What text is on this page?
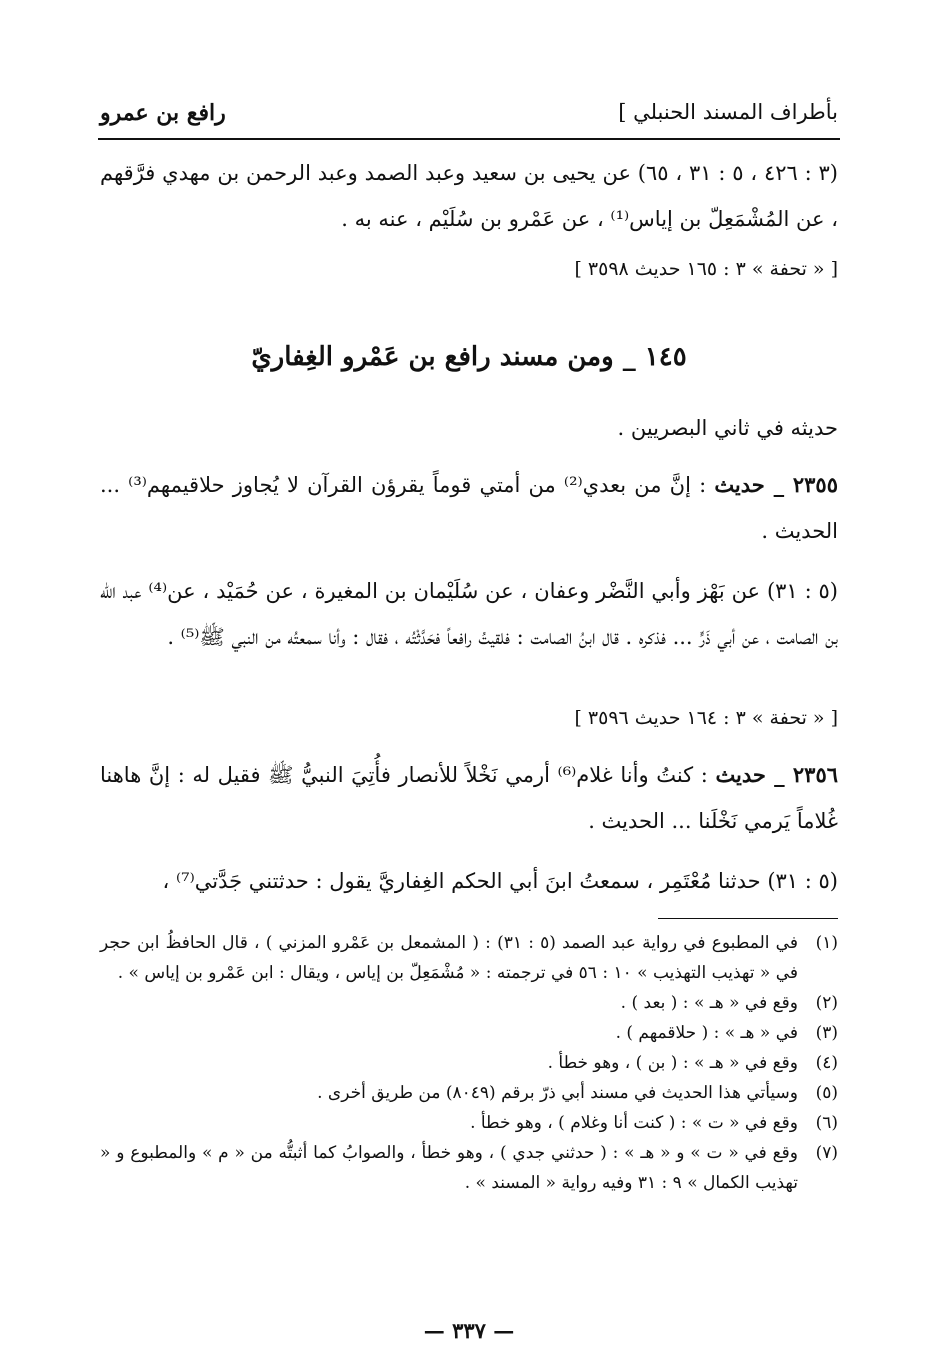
بأطراف المسند الحنبلي ]
رافع بن عمرو
(٣ : ٤٢٦ ، ٥ : ٣١ ، ٦٥) عن يحيى بن سعيد وعبد الصمد وعبد الرحمن بن مهدي فرَّقهم ، عن المُشْمَعِلّ بن إياس⁽¹⁾ ، عن عَمْرو بن سُلَيْم ، عنه به .
[ « تحفة » ٣ : ١٦٥ حديث ٣٥٩٨ ]
١٤٥ _ ومن مسند رافع بن عَمْرو الغِفاريّ
حديثه في ثاني البصريين .
٢٣٥٥ _ حديث : إنَّ من بعدي⁽²⁾ من أمتي قوماً يقرؤن القرآن لا يُجاوز حلاقيمهم⁽³⁾ ... الحديث .
(٥ : ٣١) عن بَهْز وأبي النَّضْر وعفان ، عن سُلَيْمان بن المغيرة ، عن حُمَيْد ، عن⁽⁴⁾ عبد الله بن الصامت ، عن أبي ذَرٍّ ... فذكره . قال ابنُ الصامت : فلقيتُ رافعاً فحَدَّثْتُه ، فقال : وأنا سمعتُه من النبي ﷺ⁽⁵⁾ .
[ « تحفة » ٣ : ١٦٤ حديث ٣٥٩٦ ]
٢٣٥٦ _ حديث : كنتُ وأنا غلام⁽⁶⁾ أرمي نَخْلاً للأنصار فأُتِيَ النبيُّ ﷺ فقيل له : إنَّ هاهنا غُلاماً يَرمي نَخْلَنا ... الحديث .
(٥ : ٣١) حدثنا مُعْتَمِر ، سمعتُ ابنَ أبي الحكم الغِفاريَّ يقول : حدثتني جَدَّتي⁽⁷⁾ ،
(١)
في المطبوع في رواية عبد الصمد (٥ : ٣١) : ( المشمعل بن عَمْرو المزني ) ، قال الحافظُ ابن حجر في « تهذيب التهذيب » ١٠ : ٥٦ في ترجمته : « مُشْمَعِلّ بن إياس ، ويقال : ابن عَمْرو بن إياس » .
(٢)
وقع في « هـ » : ( بعد ) .
(٣)
في « هـ » : ( حلاقمهم ) .
(٤)
وقع في « هـ » : ( بن ) ، وهو خطأ .
(٥)
وسيأتي هذا الحديث في مسند أبي ذرّ برقم (٨٠٤٩) من طريق أخرى .
(٦)
وقع في « ت » : ( كنت أنا وغلام ) ، وهو خطأ .
(٧)
وقع في « ت » و « هـ » : ( حدثني جدي ) ، وهو خطأ ، والصوابُ كما أثبتُّه من « م » والمطبوع و « تهذيب الكمال » ٩ : ٣١ وفيه رواية « المسند » .
— ٣٣٧ —
